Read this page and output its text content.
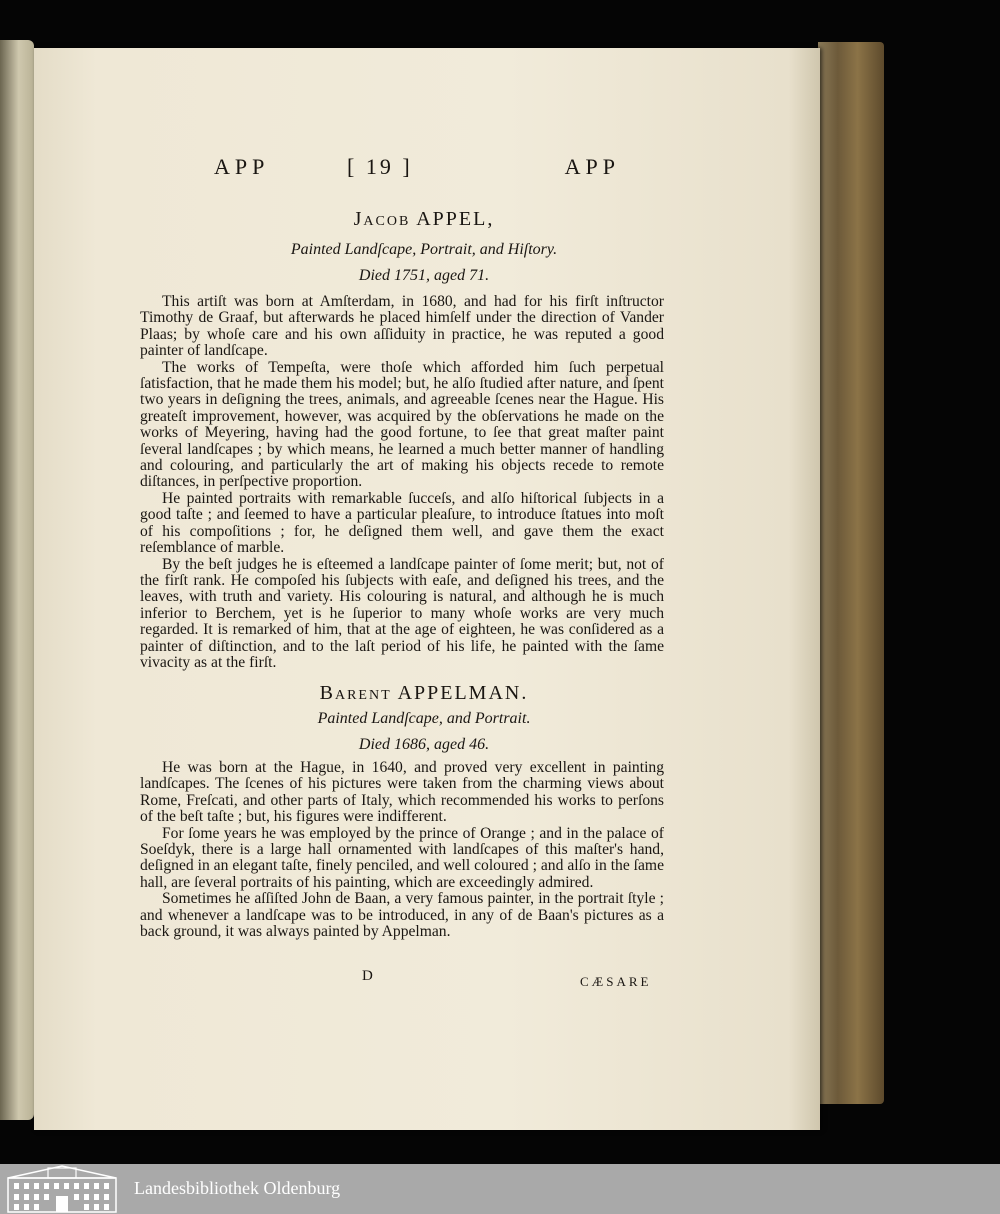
APP	[ 19 ]	APP
Jacob APPEL,
Painted Landſcape, Portrait, and Hiſtory.
Died 1751, aged 71.

This artiſt was born at Amſterdam, in 1680, and had for his firſt inſtructor Timothy de Graaf, but afterwards he placed himſelf under the direction of Vander Plaas; by whoſe care and his own aſſiduity in practice, he was reputed a good painter of landſcape.

The works of Tempeſta, were thoſe which afforded him ſuch perpetual ſatisfaction, that he made them his model; but, he alſo ſtudied after nature, and ſpent two years in deſigning the trees, animals, and agreeable ſcenes near the Hague. His greateſt improvement, however, was acquired by the obſervations he made on the works of Meyering, having had the good fortune, to ſee that great maſter paint ſeveral landſcapes ; by which means, he learned a much better manner of handling and colouring, and particularly the art of making his objects recede to remote diſtances, in perſpective proportion.

He painted portraits with remarkable ſucceſs, and alſo hiſtorical ſubjects in a good taſte ; and ſeemed to have a particular pleaſure, to introduce ſtatues into moſt of his compoſitions ; for, he deſigned them well, and gave them the exact reſemblance of marble.

By the beſt judges he is eſteemed a landſcape painter of ſome merit; but, not of the firſt rank. He compoſed his ſubjects with eaſe, and deſigned his trees, and the leaves, with truth and variety. His colouring is natural, and although he is much inferior to Berchem, yet is he ſuperior to many whoſe works are very much regarded. It is remarked of him, that at the age of eighteen, he was conſidered as a painter of diſtinction, and to the laſt period of his life, he painted with the ſame vivacity as at the firſt.

Barent APPELMAN.
Painted Landſcape, and Portrait.
Died 1686, aged 46.

He was born at the Hague, in 1640, and proved very excellent in painting landſcapes. The ſcenes of his pictures were taken from the charming views about Rome, Freſcati, and other parts of Italy, which recommended his works to perſons of the beſt taſte ; but, his figures were indifferent.

For ſome years he was employed by the prince of Orange ; and in the palace of Soeſdyk, there is a large hall ornamented with landſcapes of this maſter's hand, deſigned in an elegant taſte, finely penciled, and well coloured ; and alſo in the ſame hall, are ſeveral portraits of his painting, which are exceedingly admired.

Sometimes he aſſiſted John de Baan, a very famous painter, in the portrait ſtyle ; and whenever a landſcape was to be introduced, in any of de Baan's pictures as a back ground, it was always painted by Appelman.

D	CÆSARE
Landesbibliothek Oldenburg
